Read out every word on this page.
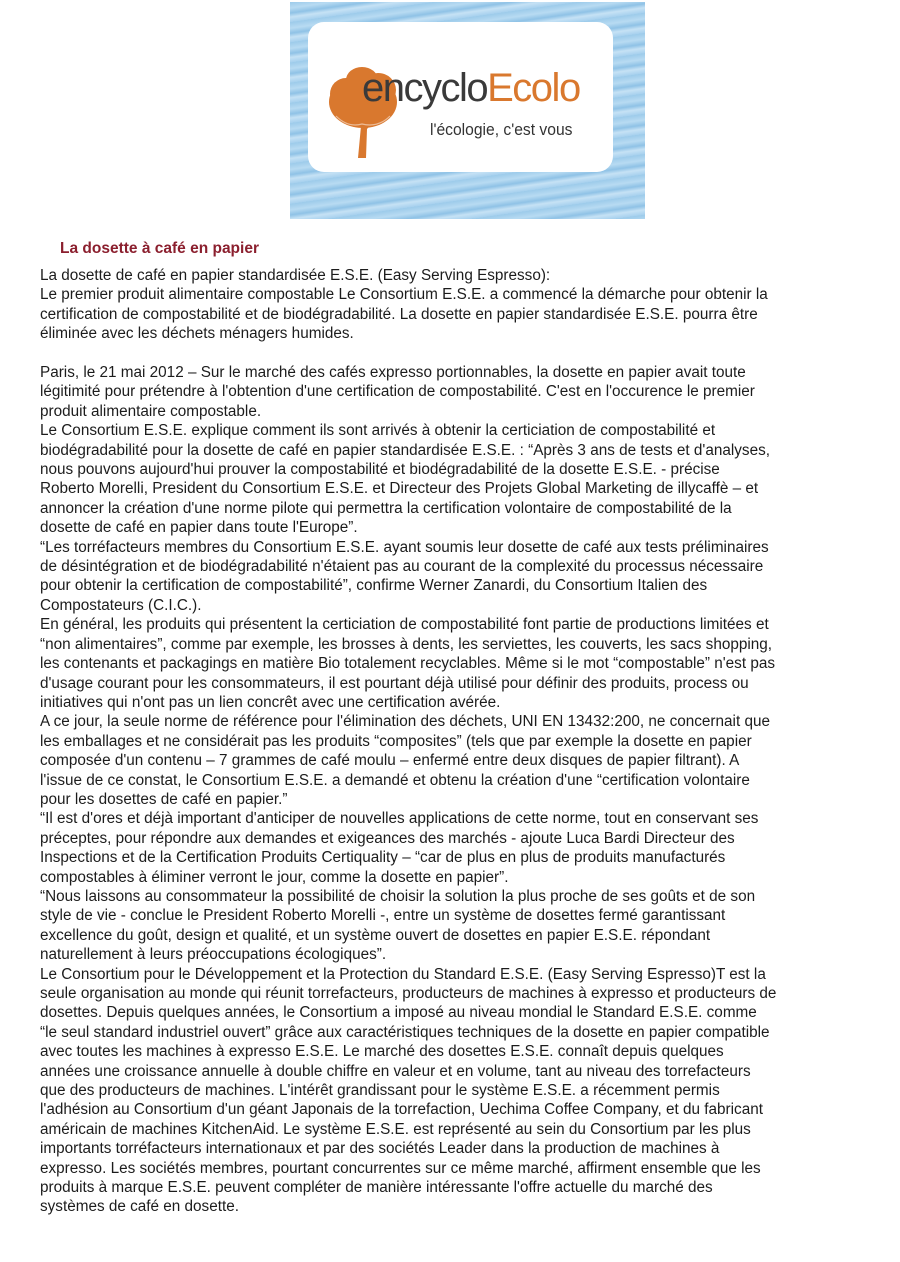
encycloEcolo
l'écologie, c'est vous
La dosette à café en papier

La dosette de café en papier standardisée E.S.E. (Easy Serving Espresso):

Le premier produit alimentaire compostable Le Consortium E.S.E. a commencé la démarche pour obtenir la

certification de compostabilité et de biodégradabilité. La dosette en papier standardisée E.S.E. pourra être

éliminée avec les déchets ménagers humides.

Paris, le 21 mai 2012 – Sur le marché des cafés expresso portionnables, la dosette en papier avait toute

légitimité pour prétendre à l'obtention d'une certification de compostabilité. C'est en l'occurence le premier

produit alimentaire compostable.

Le Consortium E.S.E. explique comment ils sont arrivés à obtenir la certiciation de compostabilité et

biodégradabilité pour la dosette de café en papier standardisée E.S.E. : “Après 3 ans de tests et d'analyses,

nous pouvons aujourd'hui prouver la compostabilité et biodégradabilité de la dosette E.S.E. - précise

Roberto Morelli, President du Consortium E.S.E. et Directeur des Projets Global Marketing de illycaffè – et

annoncer la création d'une norme pilote qui permettra la certification volontaire de compostabilité de la

dosette de café en papier dans toute l'Europe”.

“Les torréfacteurs membres du Consortium E.S.E. ayant soumis leur dosette de café aux tests préliminaires

de désintégration et de biodégradabilité n'étaient pas au courant de la complexité du processus nécessaire

pour obtenir la certification de compostabilité”, confirme Werner Zanardi, du Consortium Italien des

Compostateurs (C.I.C.).

En général, les produits qui présentent la certiciation de compostabilité font partie de productions limitées et

“non alimentaires”, comme par exemple, les brosses à dents, les serviettes, les couverts, les sacs shopping,

les contenants et packagings en matière Bio totalement recyclables. Même si le mot “compostable” n'est pas

d'usage courant pour les consommateurs, il est pourtant déjà utilisé pour définir des produits, process ou

initiatives qui n'ont pas un lien concrêt avec une certification avérée.

A ce jour, la seule norme de référence pour l'élimination des déchets, UNI EN 13432:200, ne concernait que

les emballages et ne considérait pas les produits “composites” (tels que par exemple la dosette en papier

composée d'un contenu – 7 grammes de café moulu – enfermé entre deux disques de papier filtrant). A

l'issue de ce constat, le Consortium E.S.E. a demandé et obtenu la création d'une “certification volontaire

pour les dosettes de café en papier.”

“Il est d'ores et déjà important d'anticiper de nouvelles applications de cette norme, tout en conservant ses

préceptes, pour répondre aux demandes et exigeances des marchés - ajoute Luca Bardi Directeur des

Inspections et de la Certification Produits Certiquality – “car de plus en plus de produits manufacturés

compostables à éliminer verront le jour, comme la dosette en papier”.

“Nous laissons au consommateur la possibilité de choisir la solution la plus proche de ses goûts et de son

style de vie - conclue le President Roberto Morelli -, entre un système de dosettes fermé garantissant

excellence du goût, design et qualité, et un système ouvert de dosettes en papier E.S.E. répondant

naturellement à leurs préoccupations écologiques”.

Le Consortium pour le Développement et la Protection du Standard E.S.E. (Easy Serving Espresso)T est la

seule organisation au monde qui réunit torrefacteurs, producteurs de machines à expresso et producteurs de

dosettes. Depuis quelques années, le Consortium a imposé au niveau mondial le Standard E.S.E. comme

“le seul standard industriel ouvert” grâce aux caractéristiques techniques de la dosette en papier compatible

avec toutes les machines à expresso E.S.E. Le marché des dosettes E.S.E. connaît depuis quelques

années une croissance annuelle à double chiffre en valeur et en volume, tant au niveau des torrefacteurs

que des producteurs de machines. L'intérêt grandissant pour le système E.S.E. a récemment permis

l'adhésion au Consortium d'un géant Japonais de la torrefaction, Uechima Coffee Company, et du fabricant

américain de machines KitchenAid. Le système E.S.E. est représenté au sein du Consortium par les plus

importants torréfacteurs internationaux et par des sociétés Leader dans la production de machines à

expresso. Les sociétés membres, pourtant concurrentes sur ce même marché, affirment ensemble que les

produits à marque E.S.E. peuvent compléter de manière intéressante l'offre actuelle du marché des

systèmes de café en dosette.
